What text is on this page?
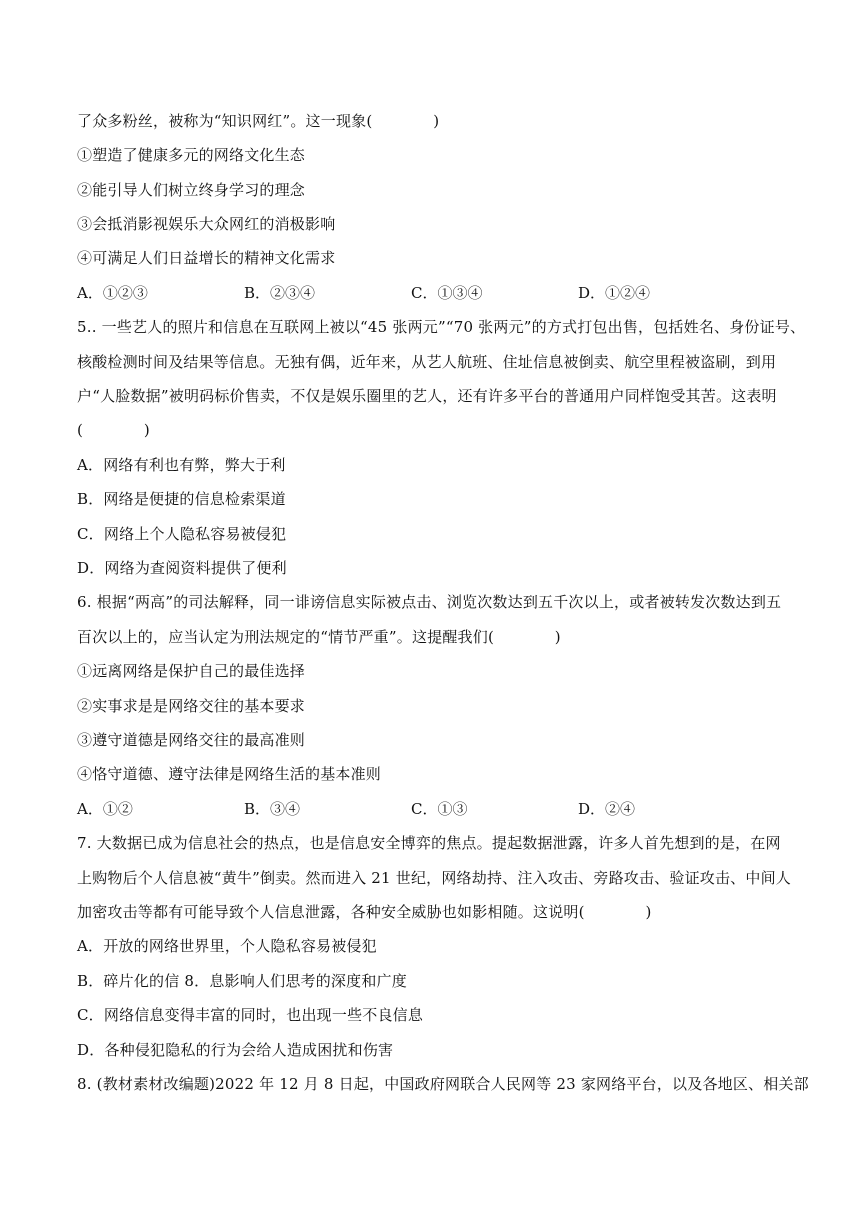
了众多粉丝，被称为“知识网红”。这一现象(　　　　)
①塑造了健康多元的网络文化生态
②能引导人们树立终身学习的理念
③会抵消影视娱乐大众网红的消极影响
④可满足人们日益增长的精神文化需求
A．①②③	B．②③④	C．①③④	D．①②④
5.. 一些艺人的照片和信息在互联网上被以“45 张两元”“70 张两元”的方式打包出售，包括姓名、身份证号、
核酸检测时间及结果等信息。无独有偶，近年来，从艺人航班、住址信息被倒卖、航空里程被盗刷，到用
户“人脸数据”被明码标价售卖，不仅是娱乐圈里的艺人，还有许多平台的普通用户同样饱受其苦。这表明
(　　　　)
A．网络有利也有弊，弊大于利
B．网络是便捷的信息检索渠道
C．网络上个人隐私容易被侵犯
D．网络为查阅资料提供了便利
6. 根据“两高”的司法解释，同一诽谤信息实际被点击、浏览次数达到五千次以上，或者被转发次数达到五
百次以上的，应当认定为刑法规定的“情节严重”。这提醒我们(　　　　)
①远离网络是保护自己的最佳选择
②实事求是是网络交往的基本要求
③遵守道德是网络交往的最高准则
④恪守道德、遵守法律是网络生活的基本准则
A．①②	B．③④	C．①③	D．②④
7. 大数据已成为信息社会的热点，也是信息安全博弈的焦点。提起数据泄露，许多人首先想到的是，在网
上购物后个人信息被“黄牛”倒卖。然而进入 21 世纪，网络劫持、注入攻击、旁路攻击、验证攻击、中间人
加密攻击等都有可能导致个人信息泄露，各种安全威胁也如影相随。这说明(　　　　)
A．开放的网络世界里，个人隐私容易被侵犯
B．碎片化的信 8．息影响人们思考的深度和广度
C．网络信息变得丰富的同时，也出现一些不良信息
D．各种侵犯隐私的行为会给人造成困扰和伤害
8. (教材素材改编题)2022 年 12 月 8 日起，中国政府网联合人民网等 23 家网络平台，以及各地区、相关部
